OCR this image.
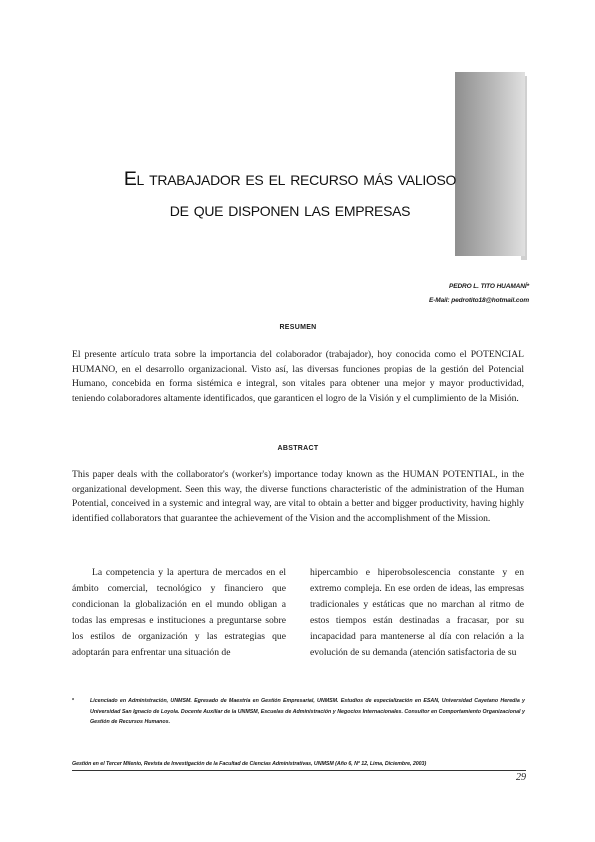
El trabajador es el recurso más valioso
de que disponen las empresas
PEDRO L. TITO HUAMANÍ*
E-Mail: pedrotito18@hotmail.com
RESUMEN

El presente artículo trata sobre la importancia del colaborador (trabajador), hoy conocida como el POTENCIAL HUMANO, en el desarrollo organizacional. Visto así, las diversas funciones propias de la gestión del Potencial Humano, concebida en forma sistémica e integral, son vitales para obtener una mejor y mayor productividad, teniendo colaboradores altamente identificados, que garanticen el logro de la Visión y el cumplimiento de la Misión.

ABSTRACT

This paper deals with the collaborator's (worker's) importance today known as the HUMAN POTENTIAL, in the organizational development. Seen this way, the diverse functions characteristic of the administration of the Human Potential, conceived in a systemic and integral way, are vital to obtain a better and bigger productivity, having highly identified collaborators that guarantee the achievement of the Vision and the accomplishment of the Mission.

La competencia y la apertura de mercados en el ámbito comercial, tecnológico y financiero que condicionan la globalización en el mundo obligan a todas las empresas e instituciones a preguntarse sobre los estilos de organización y las estrategias que adoptarán para enfrentar una situación de

hipercambio e hiperobsolescencia constante y en extremo compleja. En ese orden de ideas, las empresas tradicionales y estáticas que no marchan al ritmo de estos tiempos están destinadas a fracasar, por su incapacidad para mantenerse al día con relación a la evolución de su demanda (atención satisfactoria de su

*	Licenciado en Administración, UNMSM. Egresado de Maestría en Gestión Empresarial, UNMSM. Estudios de especialización en ESAN, Universidad Cayetano Heredia y Universidad San Ignacio de Loyola. Docente Auxiliar de la UNMSM, Escuelas de Administración y Negocios Internacionales. Consultor en Comportamiento Organizacional y Gestión de Recursos Humanos.
Gestión en el Tercer Milenio, Revista de Investigación de la Facultad de Ciencias Administrativas, UNMSM (Año 6, Nº 12, Lima, Diciembre, 2003)
29
